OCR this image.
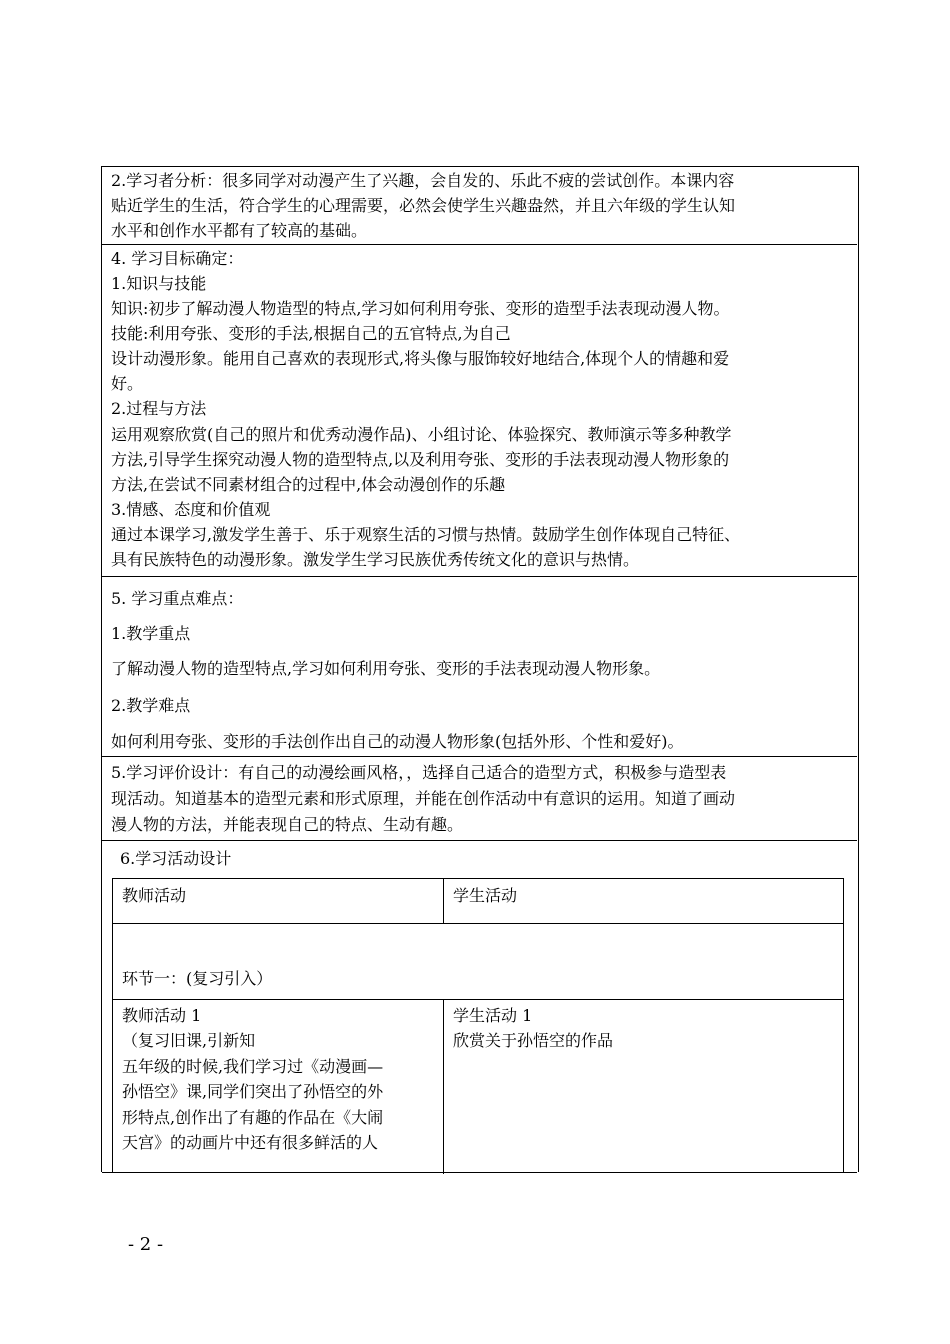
2.学习者分析：很多同学对动漫产生了兴趣，会自发的、乐此不疲的尝试创作。本课内容
贴近学生的生活，符合学生的心理需要，必然会使学生兴趣盎然，并且六年级的学生认知
水平和创作水平都有了较高的基础。
4. 学习目标确定：
1.知识与技能
知识:初步了解动漫人物造型的特点,学习如何利用夸张、变形的造型手法表现动漫人物。
技能:利用夸张、变形的手法,根据自己的五官特点,为自己
设计动漫形象。能用自己喜欢的表现形式,将头像与服饰较好地结合,体现个人的情趣和爱
好。
2.过程与方法
运用观察欣赏(自己的照片和优秀动漫作品)、小组讨论、体验探究、教师演示等多种教学
方法,引导学生探究动漫人物的造型特点,以及利用夸张、变形的手法表现动漫人物形象的
方法,在尝试不同素材组合的过程中,体会动漫创作的乐趣
3.情感、态度和价值观
通过本课学习,激发学生善于、乐于观察生活的习惯与热情。鼓励学生创作体现自己特征、
具有民族特色的动漫形象。激发学生学习民族优秀传统文化的意识与热情。
5. 学习重点难点：
1.教学重点
了解动漫人物的造型特点,学习如何利用夸张、变形的手法表现动漫人物形象。
2.教学难点
如何利用夸张、变形的手法创作出自己的动漫人物形象(包括外形、个性和爱好)。
5.学习评价设计：有自己的动漫绘画风格，，选择自己适合的造型方式，积极参与造型表
现活动。知道基本的造型元素和形式原理，并能在创作活动中有意识的运用。知道了画动
漫人物的方法，并能表现自己的特点、生动有趣。
6.学习活动设计
教师活动	学生活动
环节一：(复习引入）
教师活动 1
（复习旧课,引新知
五年级的时候,我们学习过《动漫画—
孙悟空》课,同学们突出了孙悟空的外
形特点,创作出了有趣的作品在《大闹
天宫》的动画片中还有很多鲜活的人
学生活动 1
欣赏关于孙悟空的作品
- 2 -
